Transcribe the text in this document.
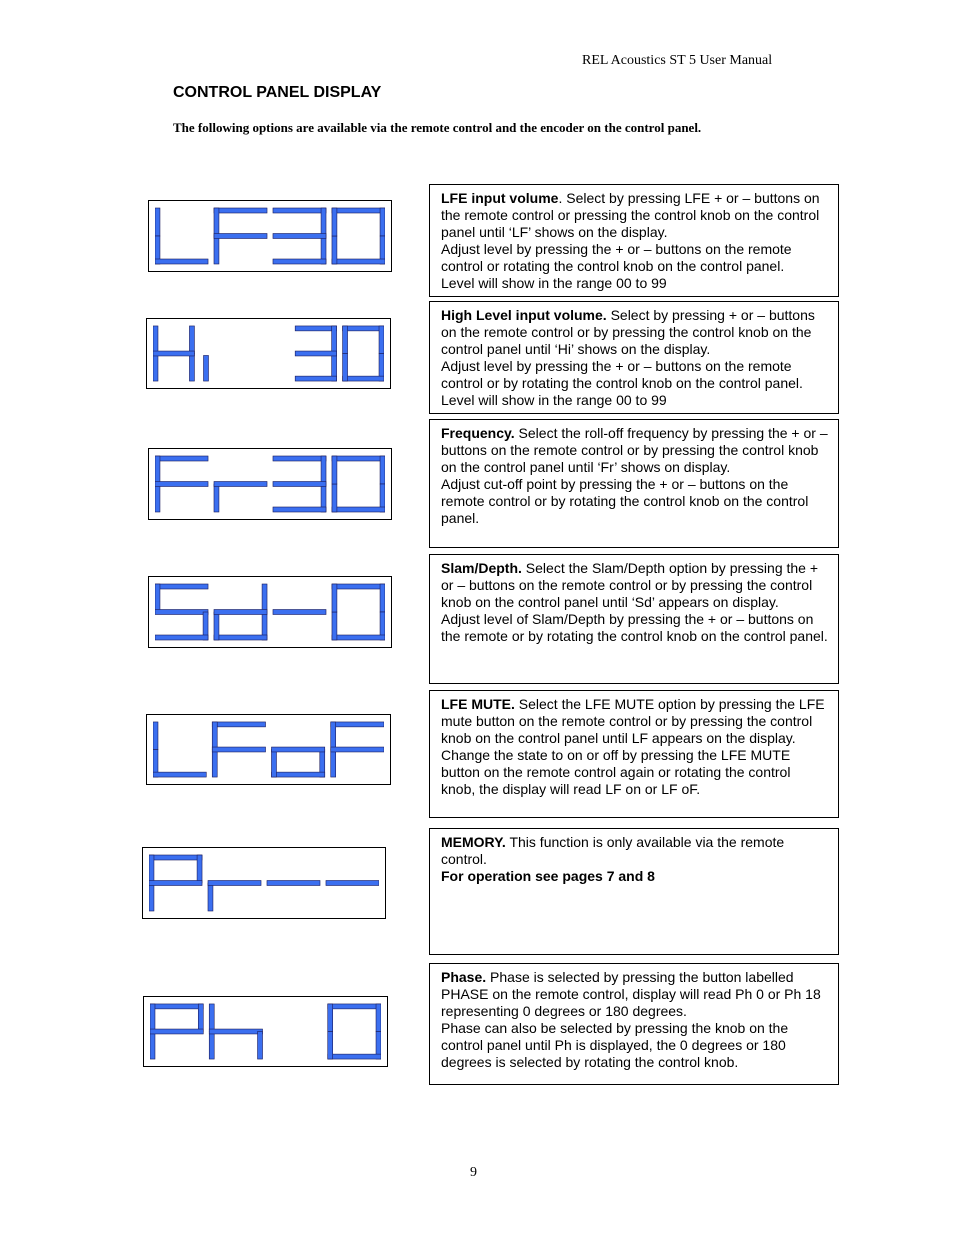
REL Acoustics ST 5 User Manual
CONTROL PANEL DISPLAY
The following options are available via the remote control and the encoder on the control panel.
LFE input volume. Select by pressing LFE + or – buttons on the remote control or pressing the control knob on the control panel until ‘LF’ shows on the display.
Adjust level by pressing the + or – buttons on the remote control or rotating the control knob on the control panel.
Level will show in the range 00 to 99
High Level input volume. Select by pressing + or – buttons on the remote control or by pressing the control knob on the control panel until ‘Hi’ shows on the display.
Adjust level by pressing the + or – buttons on the remote control or by rotating the control knob on the control panel.
Level will show in the range 00 to 99
Frequency. Select the roll-off frequency by pressing the + or – buttons on the remote control or by pressing the control knob on the control panel until ‘Fr’ shows on display.
Adjust cut-off point by pressing the + or – buttons on the remote control or by rotating the control knob on the control panel.
Slam/Depth. Select the Slam/Depth option by pressing the + or – buttons on the remote control or by pressing the control knob on the control panel until ‘Sd’ appears on display.
Adjust level of Slam/Depth by pressing the + or – buttons on the remote or by rotating the control knob on the control panel.
LFE MUTE. Select the LFE MUTE option by pressing the LFE mute button on the remote control or by pressing the control knob on the control panel until LF appears on the display.
Change the state to on or off by pressing the LFE MUTE button on the remote control again or rotating the control knob, the display will read LF on or LF oF.
MEMORY. This function is only available via the remote control.
For operation see pages 7 and 8
Phase. Phase is selected by pressing the button labelled PHASE on the remote control, display will read Ph 0 or Ph 18 representing 0 degrees or 180 degrees.
Phase can also be selected by pressing the knob on the control panel until Ph is displayed, the 0 degrees or 180 degrees is selected by rotating the control knob.
9
